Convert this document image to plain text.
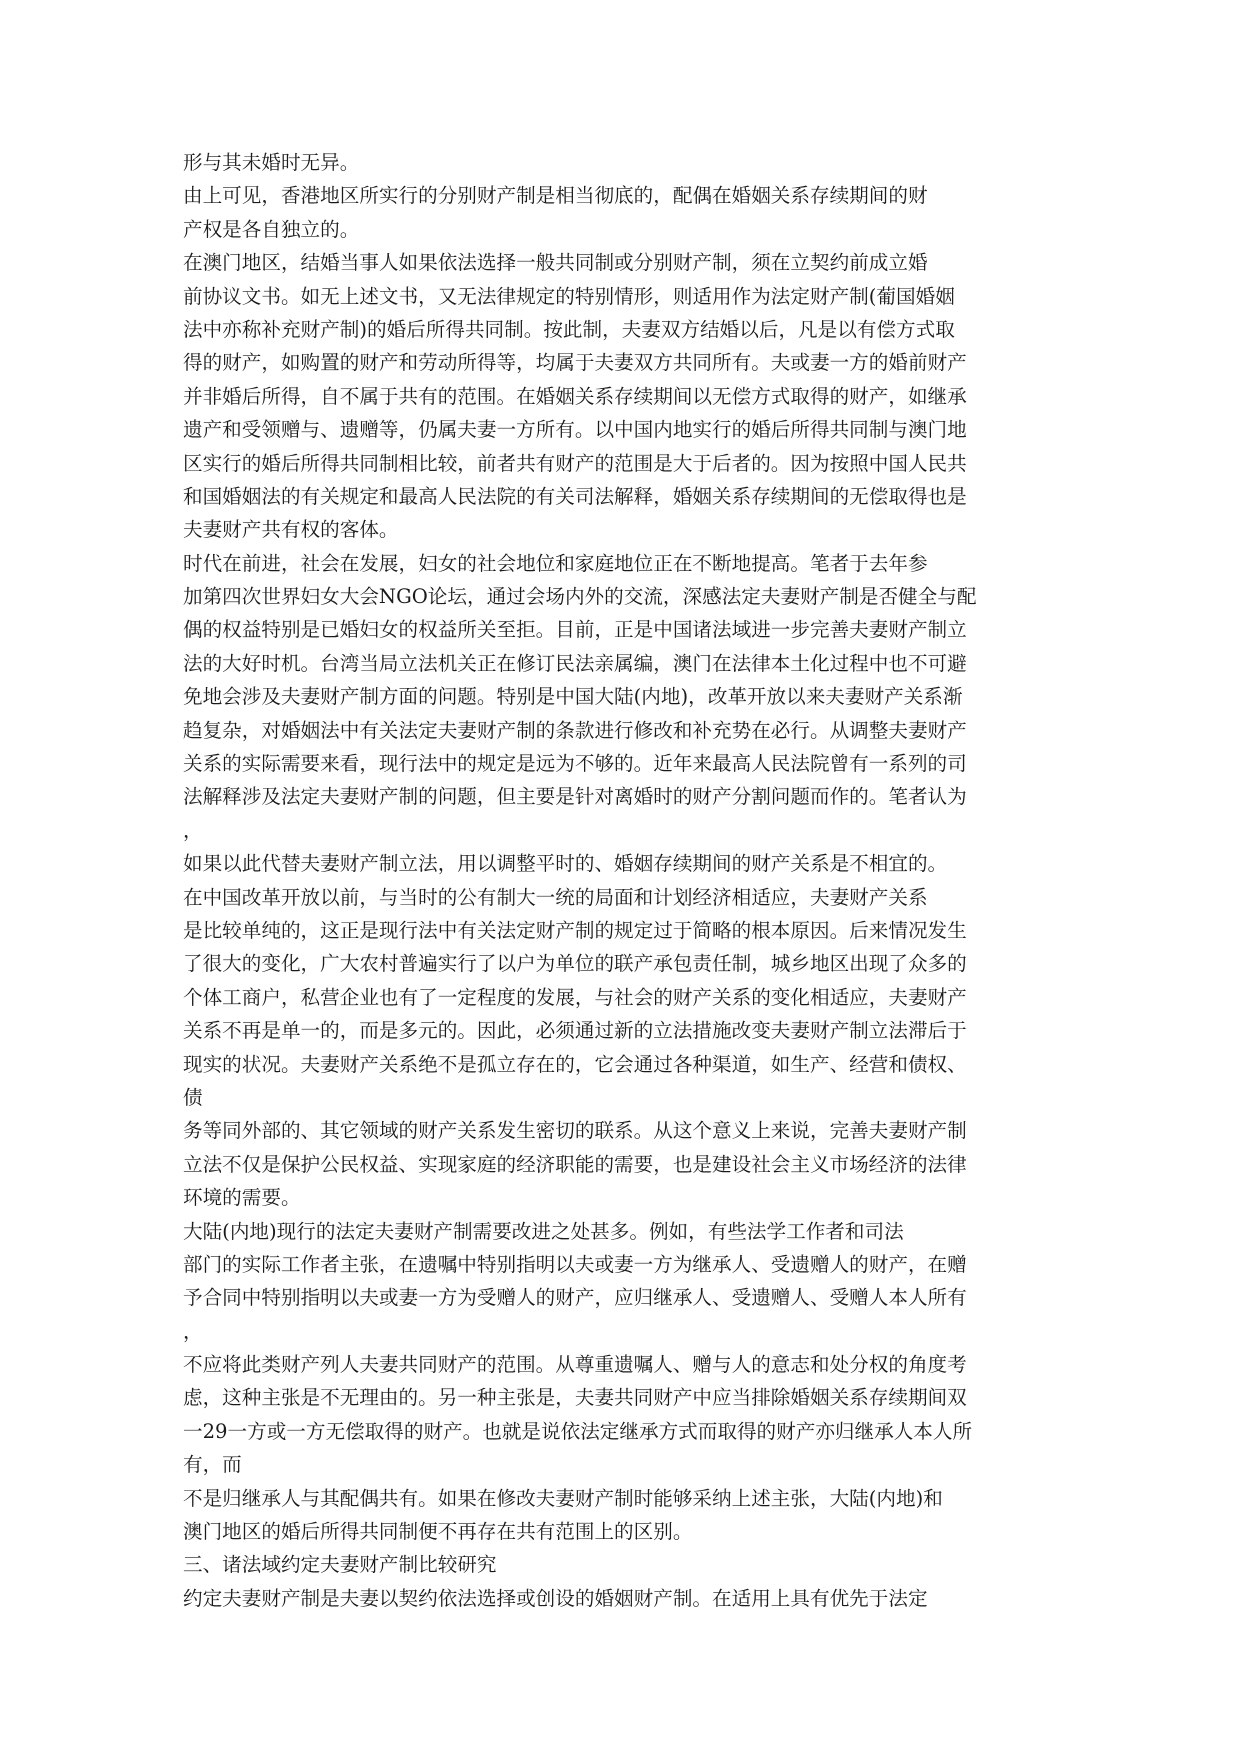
形与其未婚时无异。
由上可见，香港地区所实行的分别财产制是相当彻底的，配偶在婚姻关系存续期间的财
产权是各自独立的。
在澳门地区，结婚当事人如果依法选择一般共同制或分别财产制，须在立契约前成立婚
前协议文书。如无上述文书，又无法律规定的特别情形，则适用作为法定财产制(葡国婚姻
法中亦称补充财产制)的婚后所得共同制。按此制，夫妻双方结婚以后，凡是以有偿方式取
得的财产，如购置的财产和劳动所得等，均属于夫妻双方共同所有。夫或妻一方的婚前财产
并非婚后所得，自不属于共有的范围。在婚姻关系存续期间以无偿方式取得的财产，如继承
遗产和受领赠与、遗赠等，仍属夫妻一方所有。以中国内地实行的婚后所得共同制与澳门地
区实行的婚后所得共同制相比较，前者共有财产的范围是大于后者的。因为按照中国人民共
和国婚姻法的有关规定和最高人民法院的有关司法解释，婚姻关系存续期间的无偿取得也是
夫妻财产共有权的客体。
时代在前进，社会在发展，妇女的社会地位和家庭地位正在不断地提高。笔者于去年参
加第四次世界妇女大会NGO论坛，通过会场内外的交流，深感法定夫妻财产制是否健全与配
偶的权益特别是已婚妇女的权益所关至拒。目前，正是中国诸法域进一步完善夫妻财产制立
法的大好时机。台湾当局立法机关正在修订民法亲属编，澳门在法律本土化过程中也不可避
免地会涉及夫妻财产制方面的问题。特别是中国大陆(内地)，改革开放以来夫妻财产关系渐
趋复杂，对婚姻法中有关法定夫妻财产制的条款进行修改和补充势在必行。从调整夫妻财产
关系的实际需要来看，现行法中的规定是远为不够的。近年来最高人民法院曾有一系列的司
法解释涉及法定夫妻财产制的问题，但主要是针对离婚时的财产分割问题而作的。笔者认为
，
如果以此代替夫妻财产制立法，用以调整平时的、婚姻存续期间的财产关系是不相宜的。
在中国改革开放以前，与当时的公有制大一统的局面和计划经济相适应，夫妻财产关系
是比较单纯的，这正是现行法中有关法定财产制的规定过于简略的根本原因。后来情况发生
了很大的变化，广大农村普遍实行了以户为单位的联产承包责任制，城乡地区出现了众多的
个体工商户，私营企业也有了一定程度的发展，与社会的财产关系的变化相适应，夫妻财产
关系不再是单一的，而是多元的。因此，必须通过新的立法措施改变夫妻财产制立法滞后于
现实的状况。夫妻财产关系绝不是孤立存在的，它会通过各种渠道，如生产、经营和债权、
债
务等同外部的、其它领域的财产关系发生密切的联系。从这个意义上来说，完善夫妻财产制
立法不仅是保护公民权益、实现家庭的经济职能的需要，也是建设社会主义市场经济的法律
环境的需要。
大陆(内地)现行的法定夫妻财产制需要改进之处甚多。例如，有些法学工作者和司法
部门的实际工作者主张，在遗嘱中特别指明以夫或妻一方为继承人、受遗赠人的财产，在赠
予合同中特别指明以夫或妻一方为受赠人的财产，应归继承人、受遗赠人、受赠人本人所有
，
不应将此类财产列人夫妻共同财产的范围。从尊重遗嘱人、赠与人的意志和处分权的角度考
虑，这种主张是不无理由的。另一种主张是，夫妻共同财产中应当排除婚姻关系存续期间双
一29一方或一方无偿取得的财产。也就是说依法定继承方式而取得的财产亦归继承人本人所
有，而
不是归继承人与其配偶共有。如果在修改夫妻财产制时能够采纳上述主张，大陆(内地)和
澳门地区的婚后所得共同制便不再存在共有范围上的区别。
三、诸法域约定夫妻财产制比较研究
约定夫妻财产制是夫妻以契约依法选择或创设的婚姻财产制。在适用上具有优先于法定
